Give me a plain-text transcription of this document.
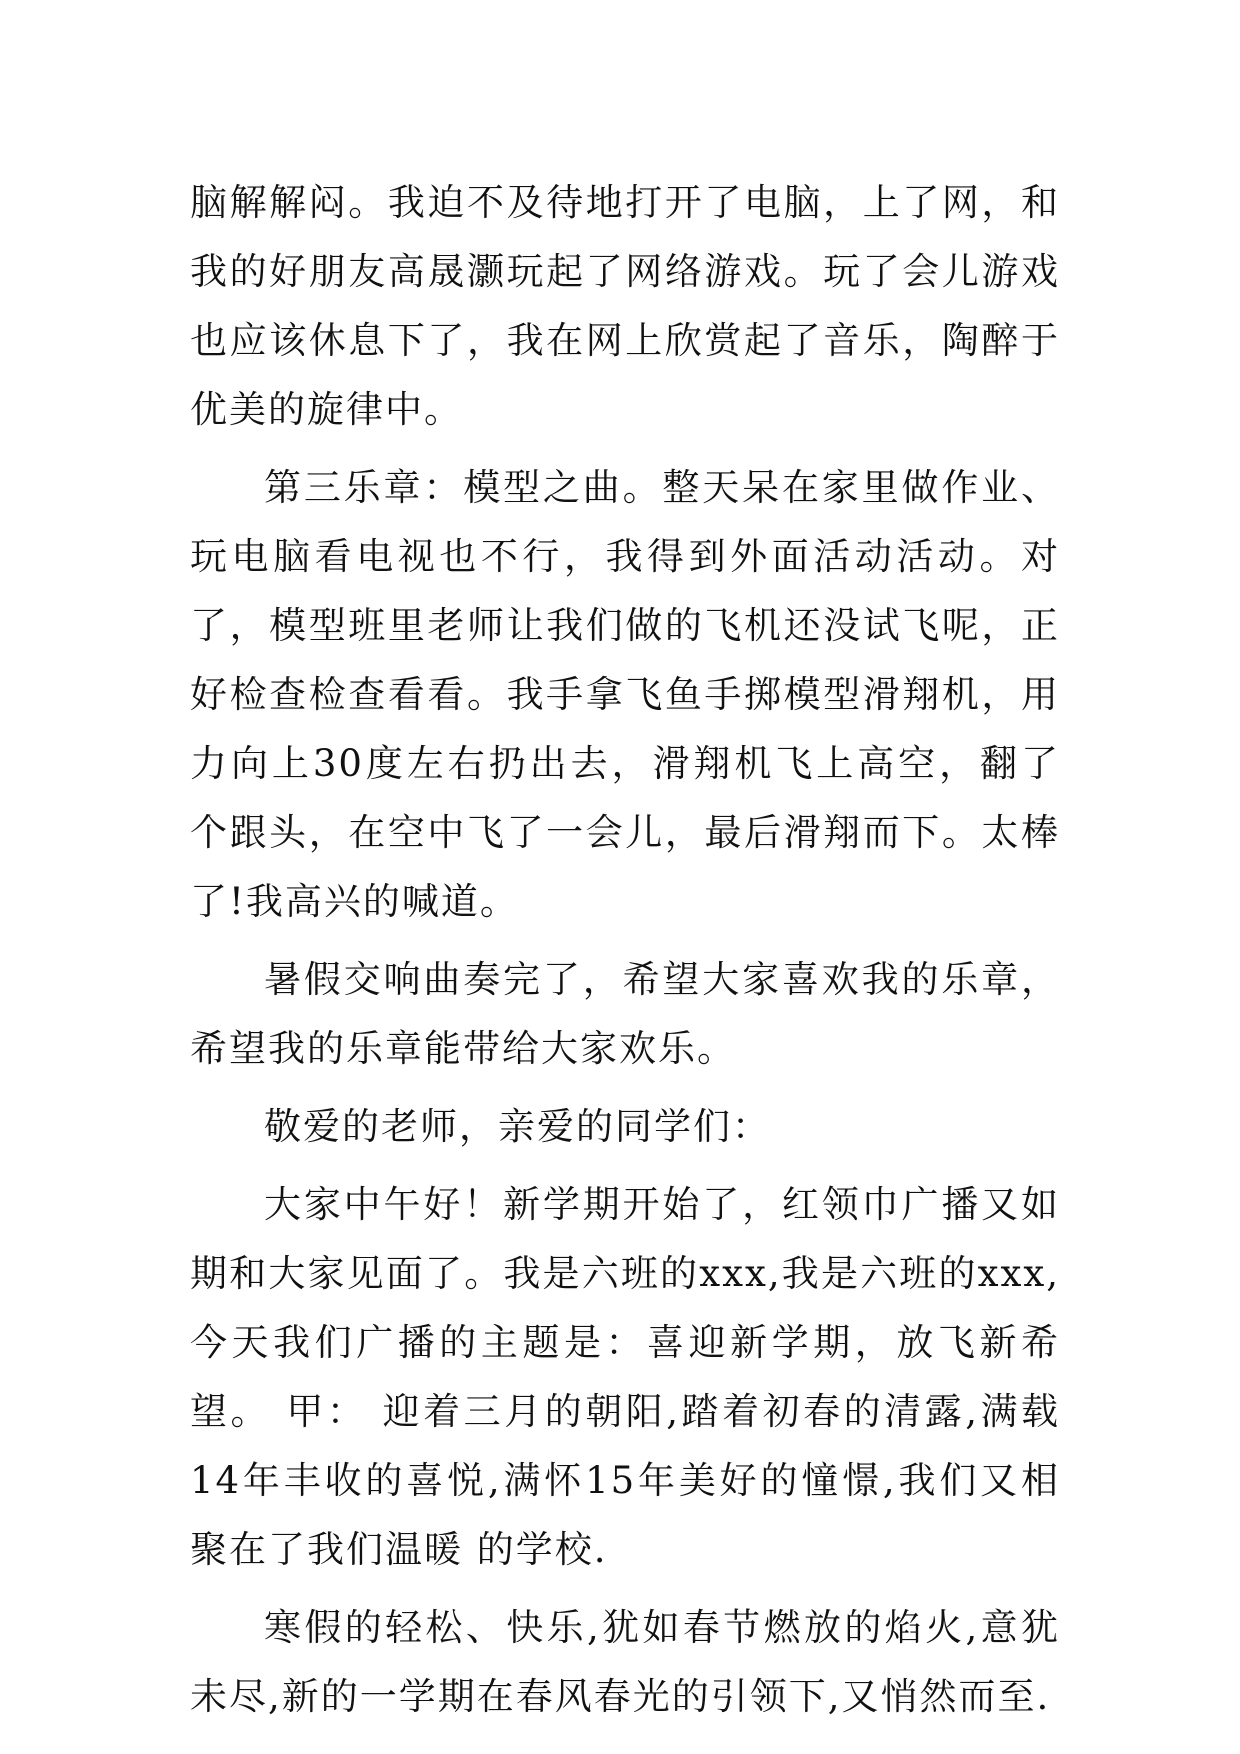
脑解解闷。我迫不及待地打开了电脑，上了网，和我的好朋友高晟灏玩起了网络游戏。玩了会儿游戏也应该休息下了，我在网上欣赏起了音乐，陶醉于优美的旋律中。

第三乐章：模型之曲。整天呆在家里做作业、玩电脑看电视也不行，我得到外面活动活动。对了，模型班里老师让我们做的飞机还没试飞呢，正好检查检查看看。我手拿飞鱼手掷模型滑翔机，用力向上30度左右扔出去，滑翔机飞上高空，翻了个跟头，在空中飞了一会儿，最后滑翔而下。太棒了!我高兴的喊道。

暑假交响曲奏完了，希望大家喜欢我的乐章，希望我的乐章能带给大家欢乐。

敬爱的老师，亲爱的同学们：

大家中午好！新学期开始了，红领巾广播又如期和大家见面了。我是六班的xxx,我是六班的xxx,今天我们广播的主题是：喜迎新学期，放飞新希望。 甲： 迎着三月的朝阳,踏着初春的清露,满载14年丰收的喜悦,满怀15年美好的憧憬,我们又相聚在了我们温暖 的学校.

寒假的轻松、快乐,犹如春节燃放的焰火,意犹未尽,新的一学期在春风春光的引领下,又悄然而至.
